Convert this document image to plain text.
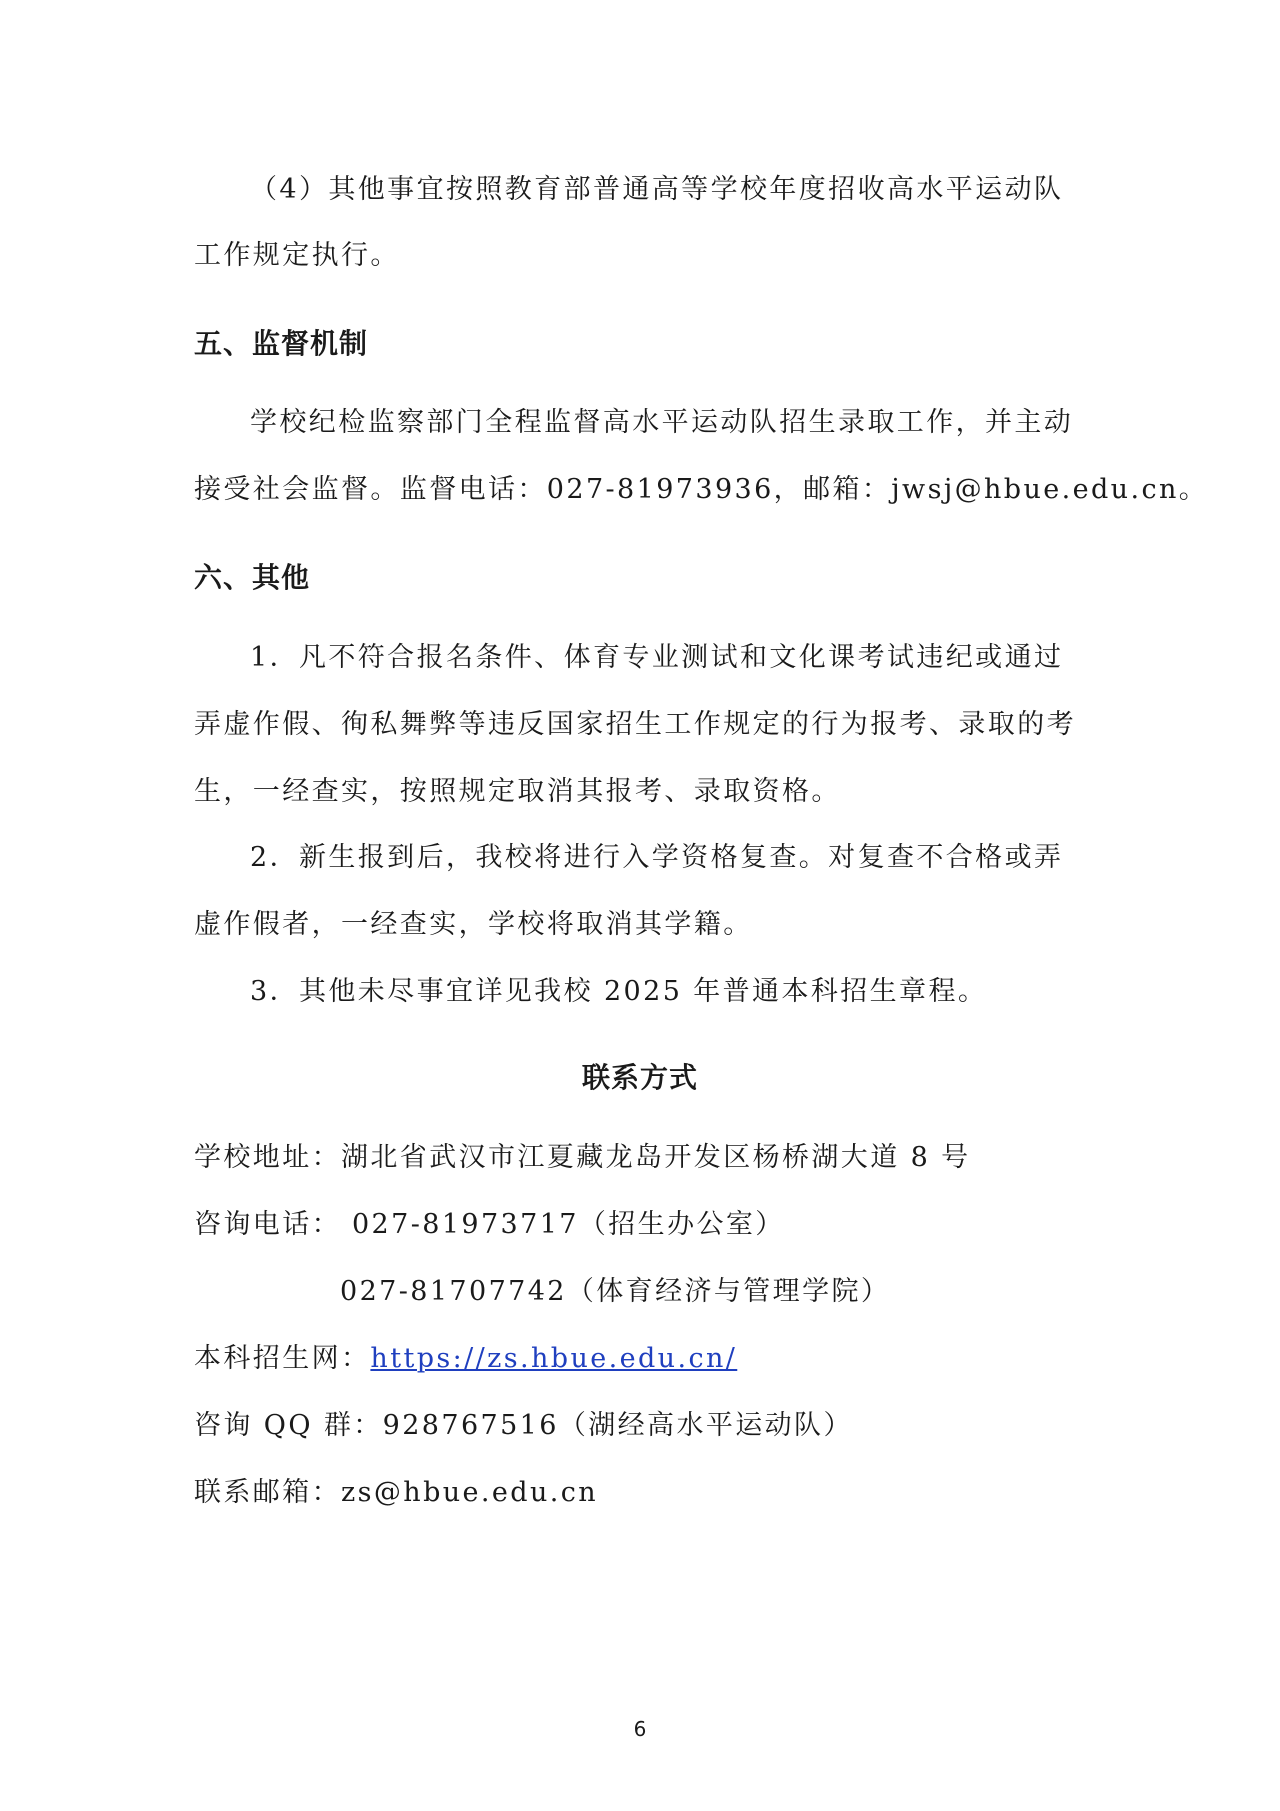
（4）其他事宜按照教育部普通高等学校年度招收高水平运动队
工作规定执行。
五、监督机制
学校纪检监察部门全程监督高水平运动队招生录取工作，并主动
接受社会监督。监督电话：027-81973936，邮箱：jwsj@hbue.edu.cn。
六、其他
1．凡不符合报名条件、体育专业测试和文化课考试违纪或通过
弄虚作假、徇私舞弊等违反国家招生工作规定的行为报考、录取的考
生，一经查实，按照规定取消其报考、录取资格。
2．新生报到后，我校将进行入学资格复查。对复查不合格或弄
虚作假者，一经查实，学校将取消其学籍。
3．其他未尽事宜详见我校 2025 年普通本科招生章程。
联系方式
学校地址：湖北省武汉市江夏藏龙岛开发区杨桥湖大道 8 号
咨询电话： 027-81973717（招生办公室）
027-81707742（体育经济与管理学院）
本科招生网：https://zs.hbue.edu.cn/
咨询 QQ 群：928767516（湖经高水平运动队）
联系邮箱：zs@hbue.edu.cn
6
